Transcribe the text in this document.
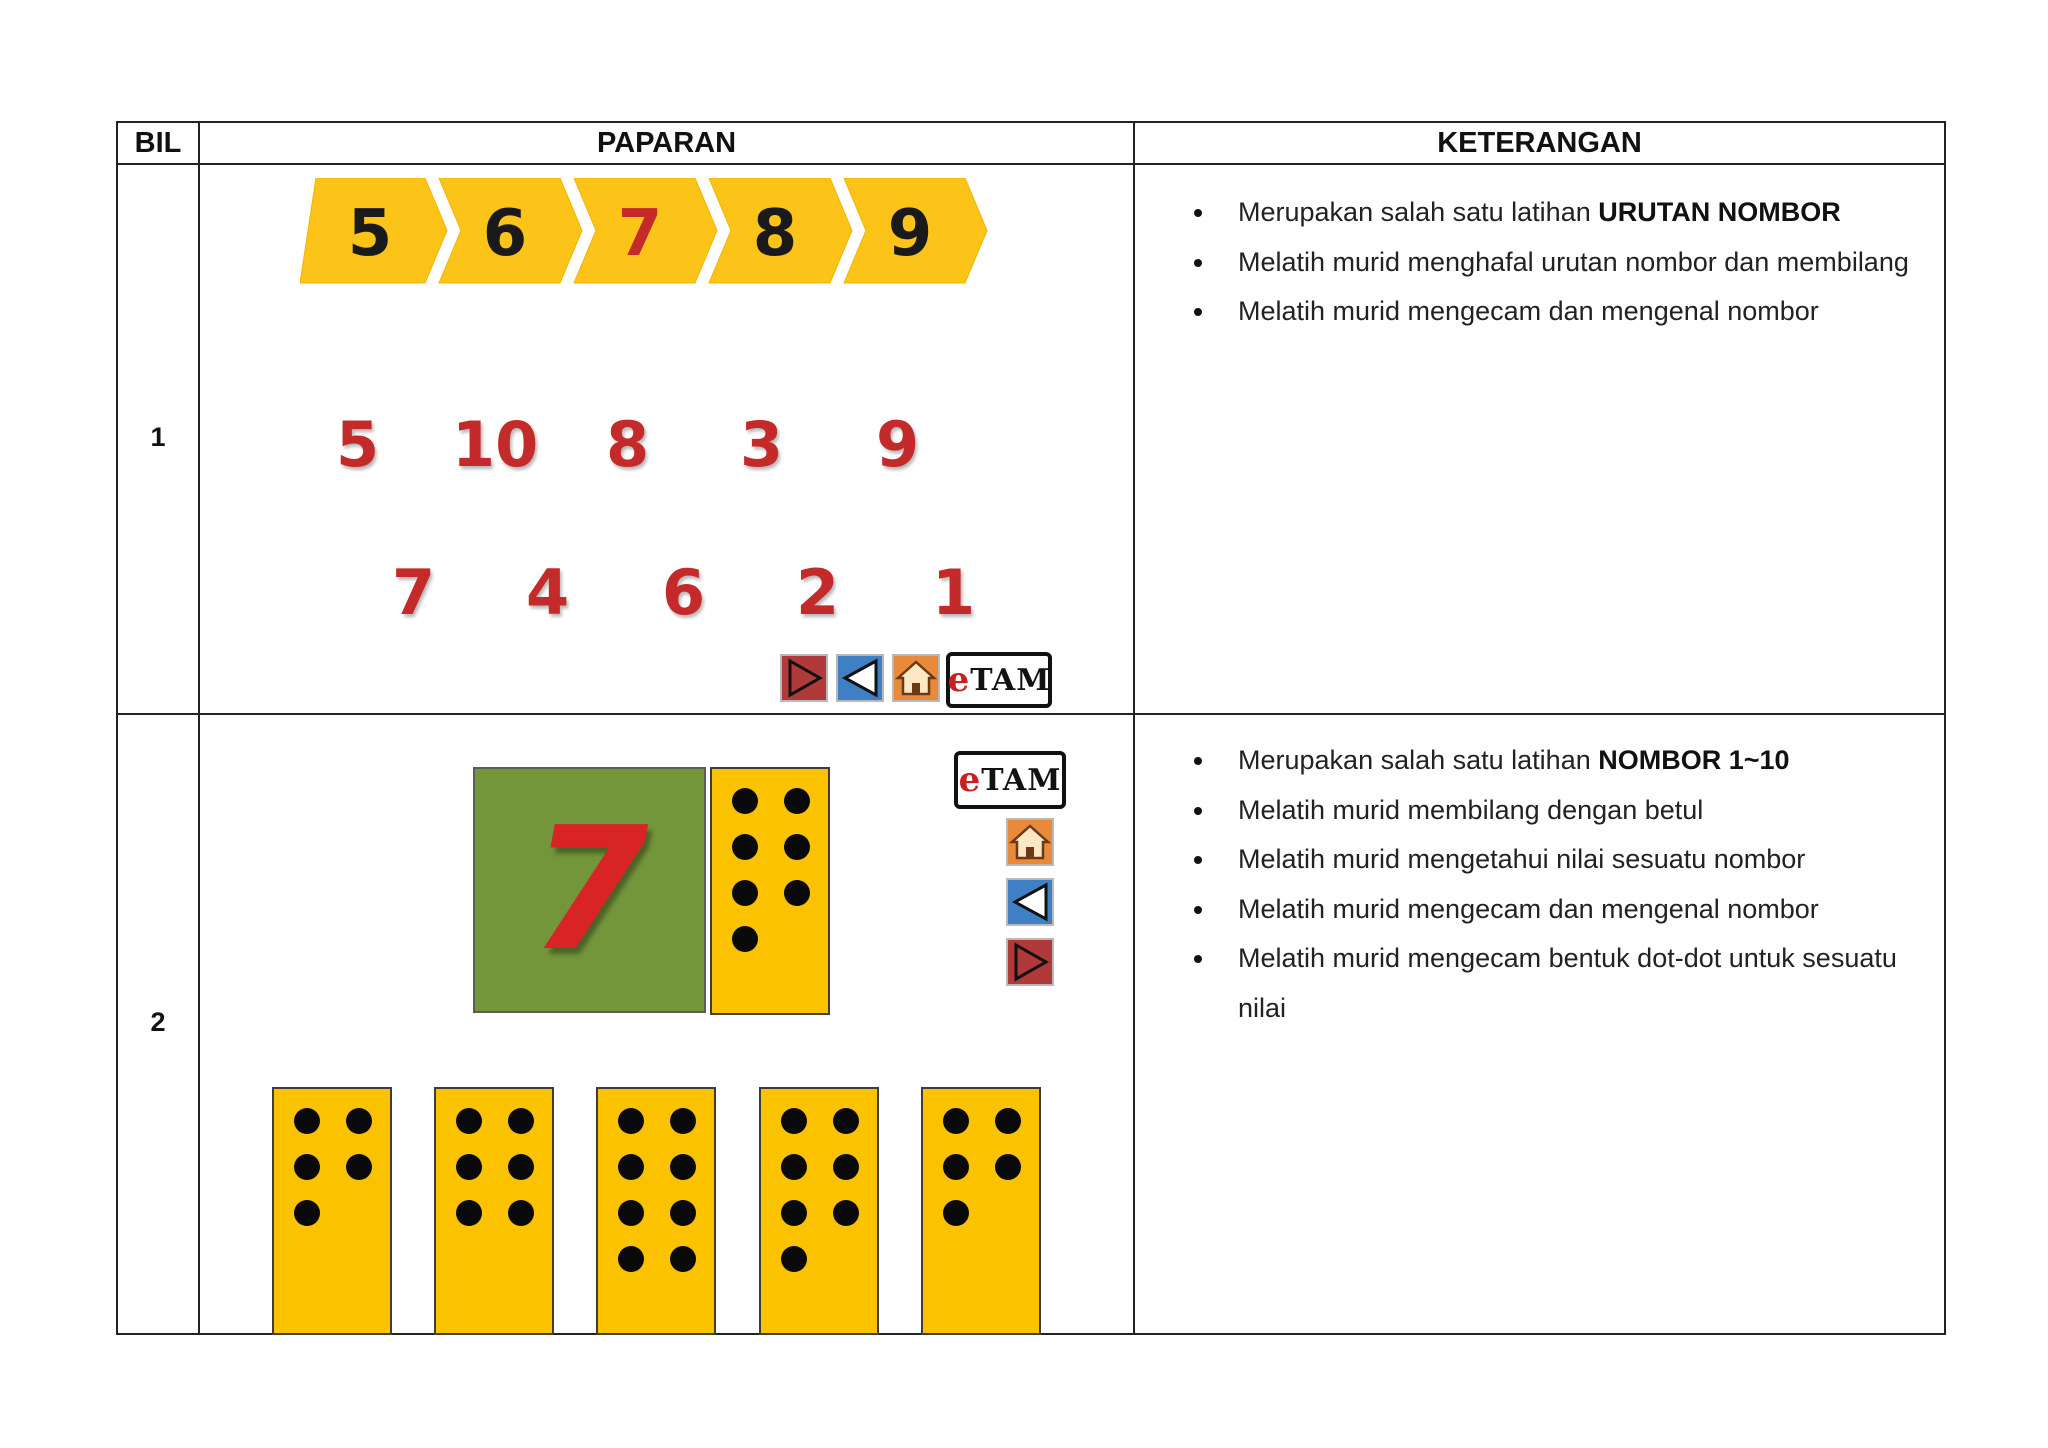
BIL	PAPARAN	KETERANGAN
1
2
5 6 7 8 9
5 10 8 3 9
7 4 6 2 1
e TAM
Merupakan salah satu latihan URUTAN NOMBOR
Melatih murid menghafal urutan nombor dan membilang
Melatih murid mengecam dan mengenal nombor
7
e TAM
Merupakan salah satu latihan NOMBOR 1~10
Melatih murid membilang dengan betul
Melatih murid mengetahui nilai sesuatu nombor
Melatih murid mengecam dan mengenal nombor
Melatih murid mengecam bentuk dot-dot untuk sesuatu nilai
